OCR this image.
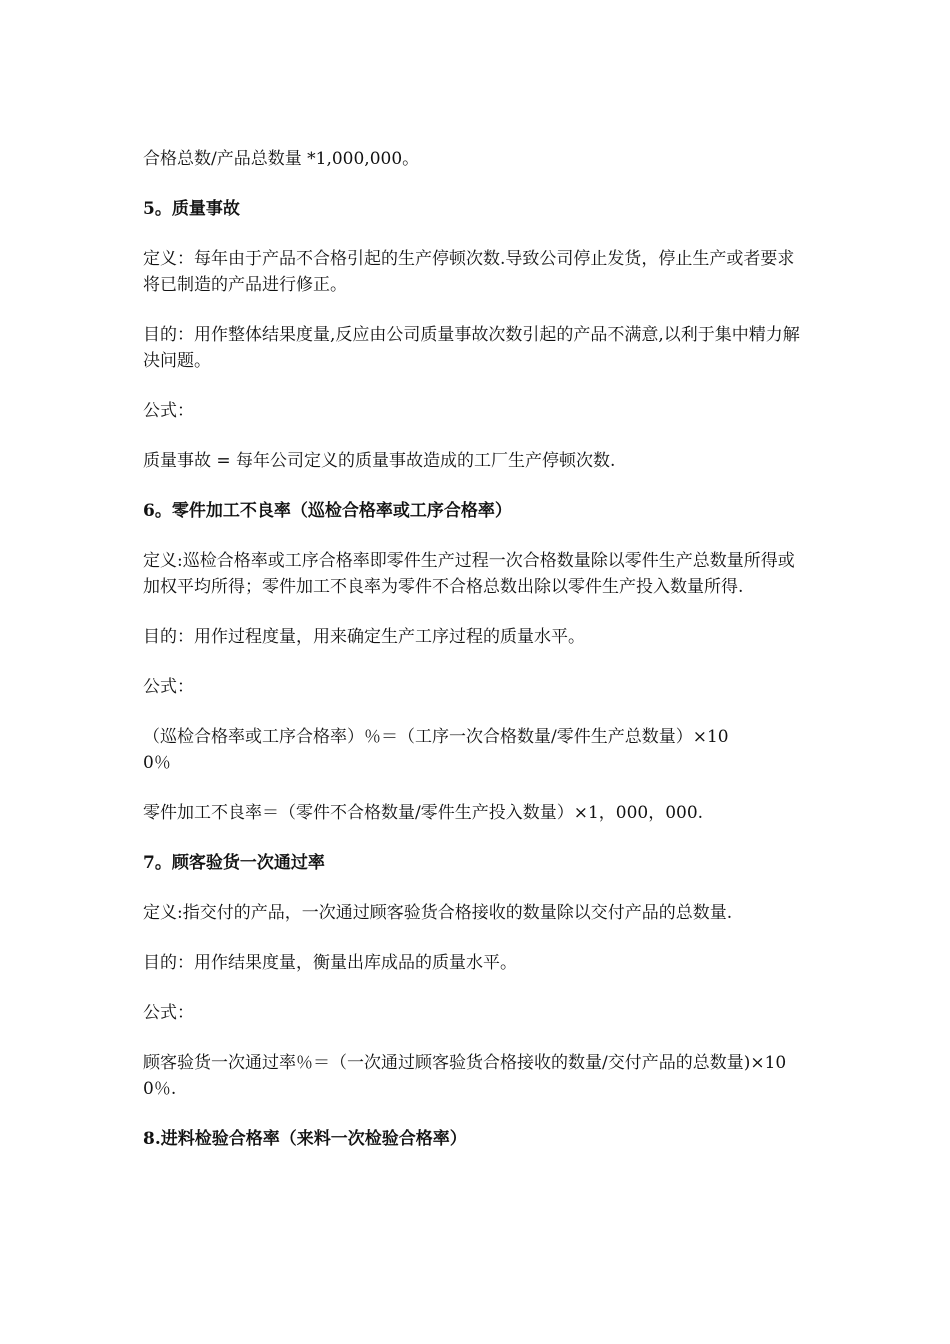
合格总数/产品总数量 *1,000,000。

5。质量事故

定义：每年由于产品不合格引起的生产停顿次数.导致公司停止发货，停止生产或者要求将已制造的产品进行修正。

目的：用作整体结果度量,反应由公司质量事故次数引起的产品不满意,以利于集中精力解决问题。

公式：

质量事故 = 每年公司定义的质量事故造成的工厂生产停顿次数.

6。零件加工不良率（巡检合格率或工序合格率）

定义:巡检合格率或工序合格率即零件生产过程一次合格数量除以零件生产总数量所得或加权平均所得；零件加工不良率为零件不合格总数出除以零件生产投入数量所得.

目的：用作过程度量，用来确定生产工序过程的质量水平。

公式：

（巡检合格率或工序合格率）％＝（工序一次合格数量/零件生产总数量）×100％

零件加工不良率＝（零件不合格数量/零件生产投入数量）×1，000，000.

7。顾客验货一次通过率

定义:指交付的产品，一次通过顾客验货合格接收的数量除以交付产品的总数量.

目的：用作结果度量，衡量出库成品的质量水平。

公式：

顾客验货一次通过率％＝（一次通过顾客验货合格接收的数量/交付产品的总数量)×100％.

8.进料检验合格率（来料一次检验合格率）
